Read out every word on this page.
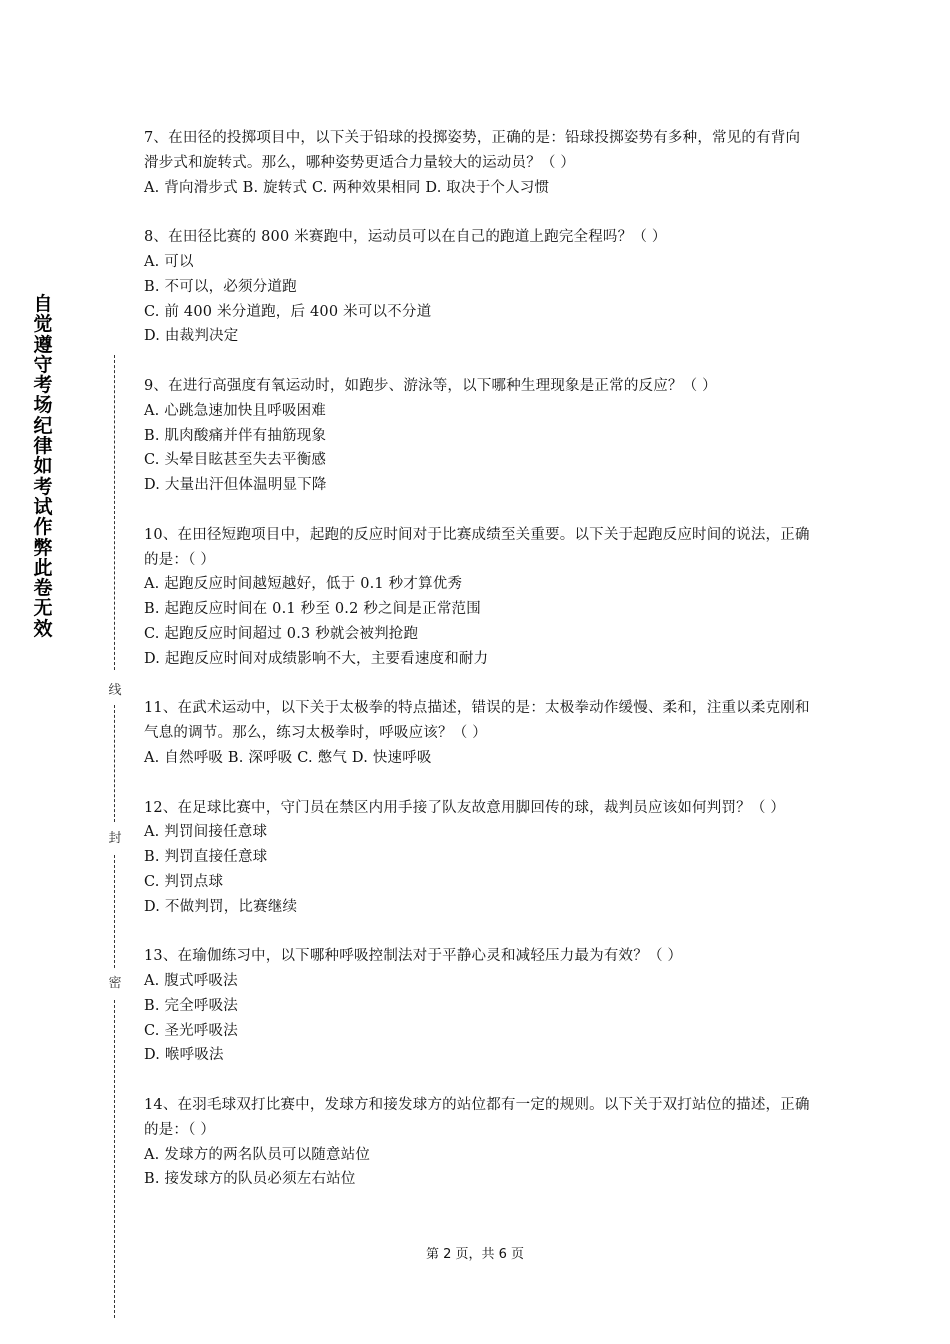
自觉遵守考场纪律如考试作弊此卷无效
线
封
密

7、在田径的投掷项目中，以下关于铅球的投掷姿势，正确的是：铅球投掷姿势有多种，常见的有背向滑步式和旋转式。那么，哪种姿势更适合力量较大的运动员？（ ）

A. 背向滑步式 B. 旋转式 C. 两种效果相同 D. 取决于个人习惯

8、在田径比赛的 800 米赛跑中，运动员可以在自己的跑道上跑完全程吗？（ ）

A. 可以

B. 不可以，必须分道跑

C. 前 400 米分道跑，后 400 米可以不分道

D. 由裁判决定

9、在进行高强度有氧运动时，如跑步、游泳等，以下哪种生理现象是正常的反应？（ ）

A. 心跳急速加快且呼吸困难

B. 肌肉酸痛并伴有抽筋现象

C. 头晕目眩甚至失去平衡感

D. 大量出汗但体温明显下降

10、在田径短跑项目中，起跑的反应时间对于比赛成绩至关重要。以下关于起跑反应时间的说法，正确的是：（ ）

A. 起跑反应时间越短越好，低于 0.1 秒才算优秀

B. 起跑反应时间在 0.1 秒至 0.2 秒之间是正常范围

C. 起跑反应时间超过 0.3 秒就会被判抢跑

D. 起跑反应时间对成绩影响不大，主要看速度和耐力

11、在武术运动中，以下关于太极拳的特点描述，错误的是：太极拳动作缓慢、柔和，注重以柔克刚和气息的调节。那么，练习太极拳时，呼吸应该？（ ）

A. 自然呼吸 B. 深呼吸 C. 憋气 D. 快速呼吸

12、在足球比赛中，守门员在禁区内用手接了队友故意用脚回传的球，裁判员应该如何判罚？（ ）

A. 判罚间接任意球

B. 判罚直接任意球

C. 判罚点球

D. 不做判罚，比赛继续

13、在瑜伽练习中，以下哪种呼吸控制法对于平静心灵和减轻压力最为有效？（ ）

A. 腹式呼吸法

B. 完全呼吸法

C. 圣光呼吸法

D. 喉呼吸法

14、在羽毛球双打比赛中，发球方和接发球方的站位都有一定的规则。以下关于双打站位的描述，正确的是：（ ）

A. 发球方的两名队员可以随意站位

B. 接发球方的队员必须左右站位

第 2 页，共 6 页
